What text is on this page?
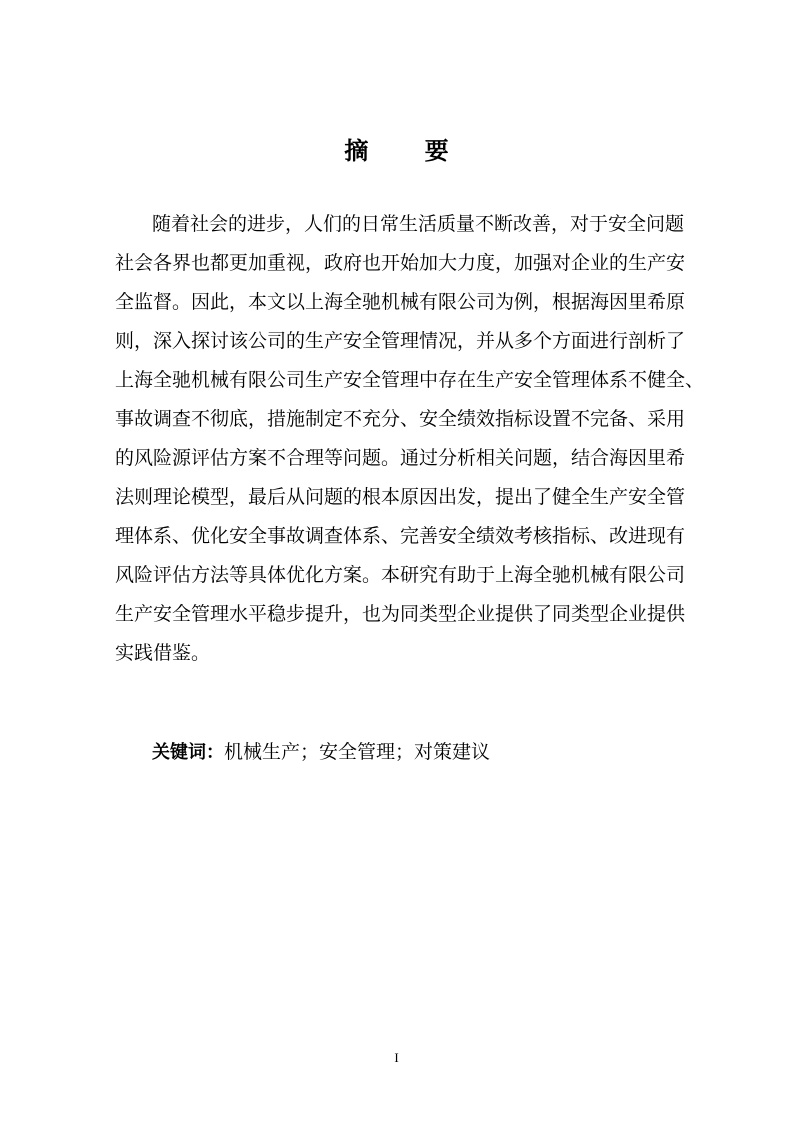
摘 要
随着社会的进步，人们的日常生活质量不断改善，对于安全问题
社会各界也都更加重视，政府也开始加大力度，加强对企业的生产安
全监督。因此，本文以上海全驰机械有限公司为例，根据海因里希原
则，深入探讨该公司的生产安全管理情况，并从多个方面进行剖析了
上海全驰机械有限公司生产安全管理中存在生产安全管理体系不健全、
事故调查不彻底，措施制定不充分、安全绩效指标设置不完备、采用
的风险源评估方案不合理等问题。通过分析相关问题，结合海因里希
法则理论模型，最后从问题的根本原因出发，提出了健全生产安全管
理体系、优化安全事故调查体系、完善安全绩效考核指标、改进现有
风险评估方法等具体优化方案。本研究有助于上海全驰机械有限公司
生产安全管理水平稳步提升，也为同类型企业提供了同类型企业提供
实践借鉴。
关键词：机械生产；安全管理；对策建议
I
